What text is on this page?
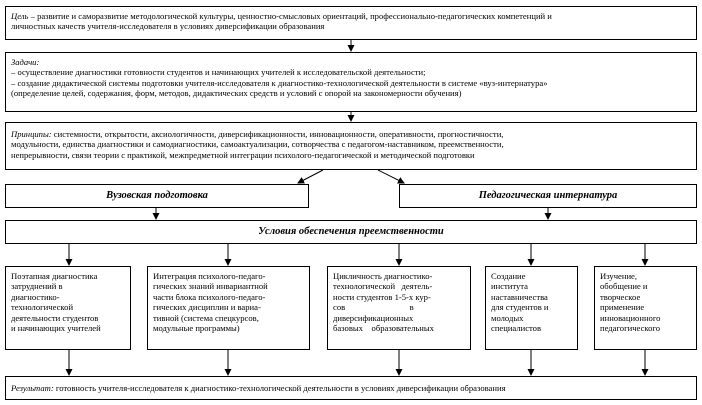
Цель – развитие и саморазвитие методологической культуры, ценностно-смысловых ориентаций, профессионально-педагогических компетенций и
личностных качеств учителя-исследователя в условиях диверсификации образования
Задачи:
– осуществление диагностики готовности студентов и начинающих учителей к исследовательской деятельности;
– создание дидактической системы подготовки учителя-исследователя к диагностико-технологической деятельности в системе «вуз-интернатура»
(определение целей, содержания, форм, методов, дидактических средств и условий с опорой на закономерности обучения)
Принципы: системности, открытости, аксиологичности, диверсификационности, инновационности, оперативности, прогностичности,
модульности, единства диагностики и самодиагностики, самоактуализации, сотворчества с педагогом-наставником, преемственности,
непрерывности, связи теории с практикой, межпредметной интеграции психолого-педагогической и методической подготовки
Вузовская подготовка	Педагогическая интернатура
Условия обеспечения преемственности
Поэтапная диагностика
затруднений в
диагностико-
технологической
деятельности студентов
и начинающих учителей
Интеграция психолого-педаго-
гических знаний инвариантной
части блока психолого-педаго-
гических дисциплин и вариа-
тивной (система спецкурсов,
модульные программы)
Цикличность диагностико-
технологической   деятель-
ности студентов 1-5-х кур-
сов                              в
диверсификационных
базовых    образовательных
Создание
института
наставничества
для студентов и
молодых
специалистов
Изучение,
обобщение и
творческое
применение
инновационного
педагогического
Результат: готовность учителя-исследователя к диагностико-технологической деятельности в условиях диверсификации образования
